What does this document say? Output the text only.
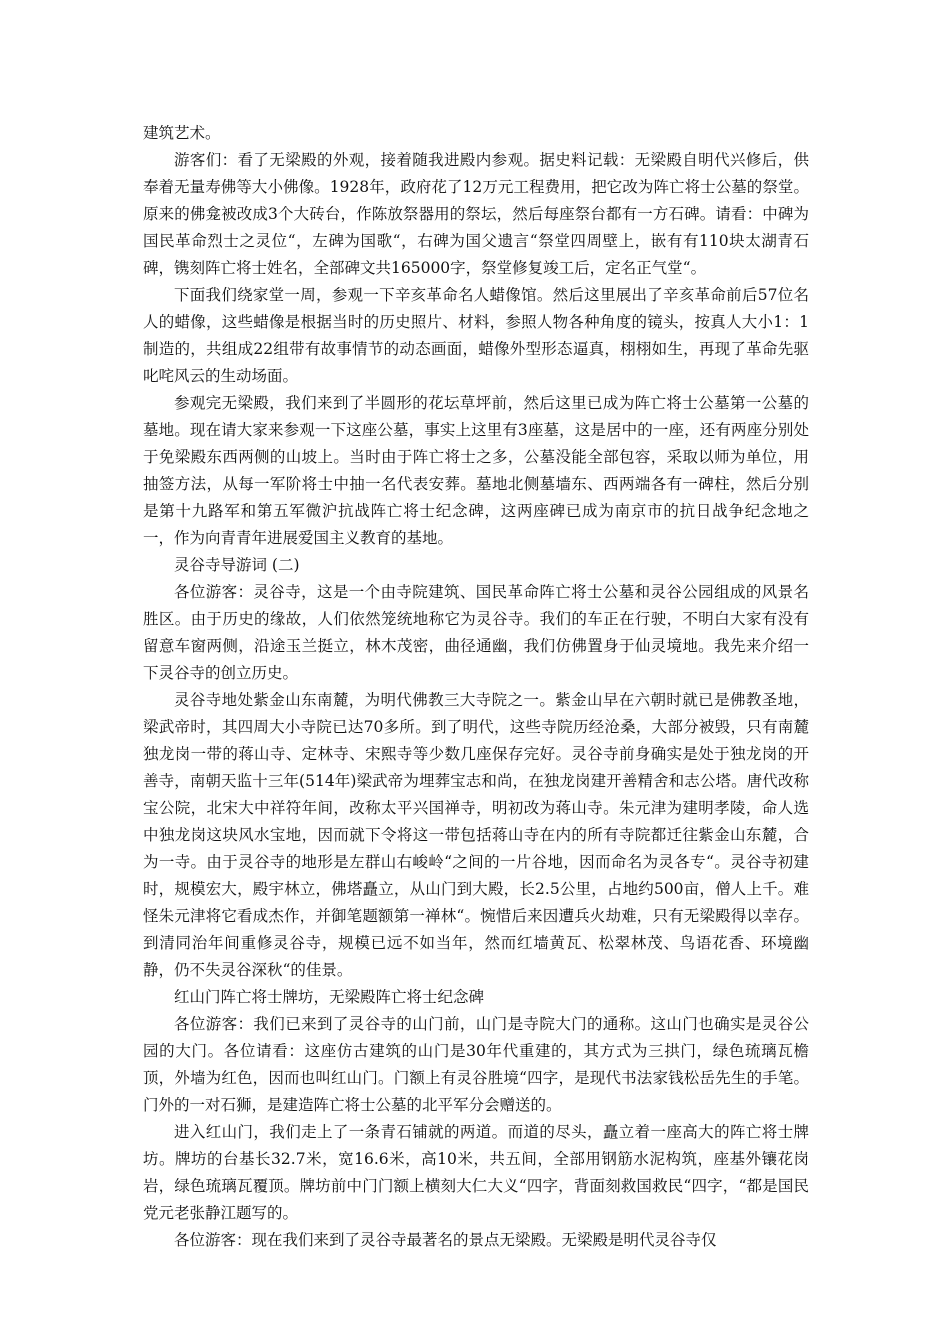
建筑艺术。

游客们：看了无梁殿的外观，接着随我进殿内参观。据史料记载：无梁殿自明代兴修后，供奉着无量寿佛等大小佛像。1928年，政府花了12万元工程费用，把它改为阵亡将士公墓的祭堂。原来的佛龛被改成3个大砖台，作陈放祭器用的祭坛，然后每座祭台都有一方石碑。请看：中碑为国民革命烈士之灵位“，左碑为国歌“，右碑为国父遗言“祭堂四周壁上，嵌有有110块太湖青石碑，镌刻阵亡将士姓名，全部碑文共165000字，祭堂修复竣工后，定名正气堂“。

下面我们绕家堂一周，参观一下辛亥革命名人蜡像馆。然后这里展出了辛亥革命前后57位名人的蜡像，这些蜡像是根据当时的历史照片、材料，参照人物各种角度的镜头，按真人大小1：1制造的，共组成22组带有故事情节的动态画面，蜡像外型形态逼真，栩栩如生，再现了革命先驱叱咤风云的生动场面。

参观完无梁殿，我们来到了半圆形的花坛草坪前，然后这里已成为阵亡将士公墓第一公墓的墓地。现在请大家来参观一下这座公墓，事实上这里有3座墓，这是居中的一座，还有两座分别处于免梁殿东西两侧的山坡上。当时由于阵亡将士之多，公墓没能全部包容，采取以师为单位，用抽签方法，从每一军阶将士中抽一名代表安葬。墓地北侧墓墙东、西两端各有一碑柱，然后分别是第十九路军和第五军微沪抗战阵亡将士纪念碑，这两座碑已成为南京市的抗日战争纪念地之一，作为向青青年进展爱国主义教育的基地。

灵谷寺导游词 (二)

各位游客：灵谷寺，这是一个由寺院建筑、国民革命阵亡将士公墓和灵谷公园组成的风景名胜区。由于历史的缘故，人们依然笼统地称它为灵谷寺。我们的车正在行驶，不明白大家有没有留意车窗两侧，沿途玉兰挺立，林木茂密，曲径通幽，我们仿佛置身于仙灵境地。我先来介绍一下灵谷寺的创立历史。

灵谷寺地处紫金山东南麓，为明代佛教三大寺院之一。紫金山早在六朝时就已是佛教圣地，梁武帝时，其四周大小寺院已达70多所。到了明代，这些寺院历经沧桑，大部分被毁，只有南麓独龙岗一带的蒋山寺、定林寺、宋熙寺等少数几座保存完好。灵谷寺前身确实是处于独龙岗的开善寺，南朝天监十三年(514年)梁武帝为埋葬宝志和尚，在独龙岗建开善精舍和志公塔。唐代改称宝公院，北宋大中祥符年间，改称太平兴国禅寺，明初改为蒋山寺。朱元津为建明孝陵，命人选中独龙岗这块风水宝地，因而就下令将这一带包括蒋山寺在内的所有寺院都迁往紫金山东麓，合为一寺。由于灵谷寺的地形是左群山右峻岭“之间的一片谷地，因而命名为灵各专“。灵谷寺初建时，规模宏大，殿宇林立，佛塔矗立，从山门到大殿，长2.5公里，占地约500亩，僧人上千。难怪朱元津将它看成杰作，并御笔题额第一禅林“。惋惜后来因遭兵火劫难，只有无梁殿得以幸存。到清同治年间重修灵谷寺，规模已远不如当年，然而红墙黄瓦、松翠林茂、鸟语花香、环境幽静，仍不失灵谷深秋“的佳景。

红山门阵亡将士牌坊，无梁殿阵亡将士纪念碑

各位游客：我们已来到了灵谷寺的山门前，山门是寺院大门的通称。这山门也确实是灵谷公园的大门。各位请看：这座仿古建筑的山门是30年代重建的，其方式为三拱门，绿色琉璃瓦檐顶，外墙为红色，因而也叫红山门。门额上有灵谷胜境“四字，是现代书法家钱松岳先生的手笔。门外的一对石狮，是建造阵亡将士公墓的北平军分会赠送的。

进入红山门，我们走上了一条青石铺就的两道。而道的尽头，矗立着一座高大的阵亡将士牌坊。牌坊的台基长32.7米，宽16.6米，高10米，共五间，全部用钢筋水泥构筑，座基外镶花岗岩，绿色琉璃瓦覆顶。牌坊前中门门额上横刻大仁大义“四字，背面刻救国救民“四字，“都是国民党元老张静江题写的。

各位游客：现在我们来到了灵谷寺最著名的景点无梁殿。无梁殿是明代灵谷寺仅
